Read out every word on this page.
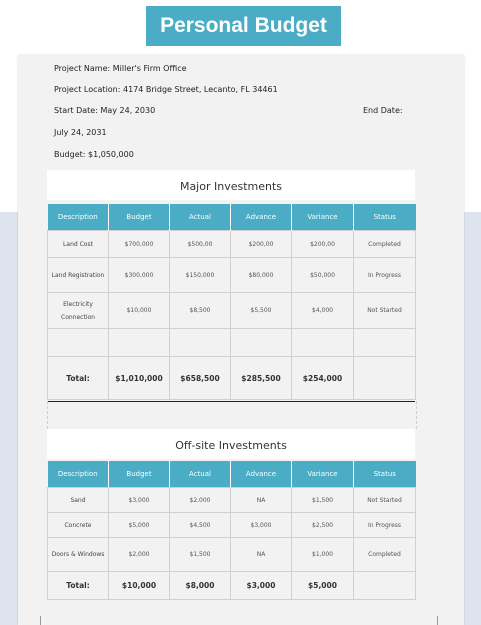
Personal Budget
Project Name: Miller's Firm Office
Project Location: 4174 Bridge Street, Lecanto, FL 34461
Start Date: May 24, 2030	End Date:
July 24, 2031
Budget: $1,050,000
Major Investments
Description	Budget	Actual	Advance	Variance	Status
Land Cost	$700,000	$500,00	$200,00	$200,00	Completed
Land Registration	$300,000	$150,000	$80,000	$50,000	In Progress
Electricity Connection	$10,000	$8,500	$5,500	$4,000	Not Started

Total:	$1,010,000	$658,500	$285,500	$254,000	
Off-site Investments
Description	Budget	Actual	Advance	Variance	Status
Sand	$3,000	$2,000	NA	$1,500	Not Started
Concrete	$5,000	$4,500	$3,000	$2,500	In Progress
Doors & Windows	$2,000	$1,500	NA	$1,000	Completed
Total:	$10,000	$8,000	$3,000	$5,000	
